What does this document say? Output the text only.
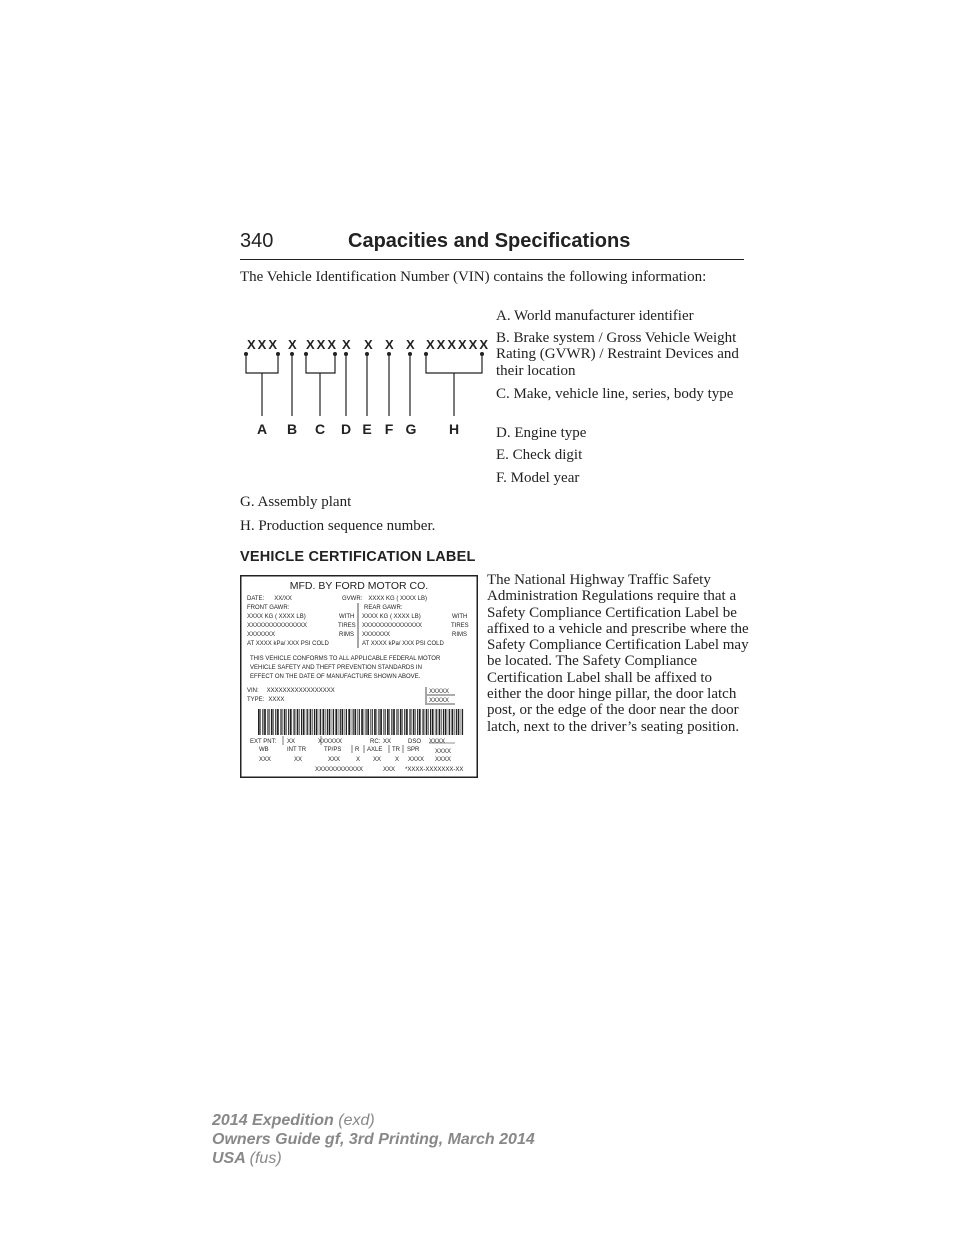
340	Capacities and Specifications
The Vehicle Identification Number (VIN) contains the following information:
XXX X XXX X X X X XXXXXX
A B C D E F G H
A. World manufacturer identifier
B. Brake system / Gross Vehicle Weight Rating (GVWR) / Restraint Devices and their location
C. Make, vehicle line, series, body type
D. Engine type
E. Check digit
F. Model year
G. Assembly plant
H. Production sequence number.
VEHICLE CERTIFICATION LABEL
MFD. BY FORD MOTOR CO.
DATE: XX/XX	GVWR: XXXX KG ( XXXX LB)
FRONT GAWR:	REAR GAWR:
XXXX KG ( XXXX LB)	WITH XXXX KG ( XXXX LB)	WITH
XXXXXXXXXXXXXXX	TIRES XXXXXXXXXXXXXXX	TIRES
XXXXXXX	RIMS XXXXXXX	RIMS
AT XXXX kPa/ XXX PSI COLD	AT XXXX kPa/ XXX PSI COLD
THIS VEHICLE CONFORMS TO ALL APPLICABLE FEDERAL MOTOR
VEHICLE SAFETY AND THEFT PREVENTION STANDARDS IN
EFFECT ON THE DATE OF MANUFACTURE SHOWN ABOVE.
VIN: XXXXXXXXXXXXXXXXX
TYPE: XXXX
XXXXX
XXXXX
EXT PNT: XX	XXXXXX	RC: XX	DSO XXXX
WB	INT TR	TP/PS R AXLE TR SPR	XXXX
XXX	XX	XXX	X XX X XXXX XXXX
XXXXXXXXXXXX	XXX *XXXX-XXXXXXX-XX
The National Highway Traffic Safety Administration Regulations require that a Safety Compliance Certification Label be affixed to a vehicle and prescribe where the Safety Compliance Certification Label may be located. The Safety Compliance Certification Label shall be affixed to either the door hinge pillar, the door latch post, or the edge of the door near the door latch, next to the driver’s seating position.
2014 Expedition (exd)
Owners Guide gf, 3rd Printing, March 2014
USA (fus)
